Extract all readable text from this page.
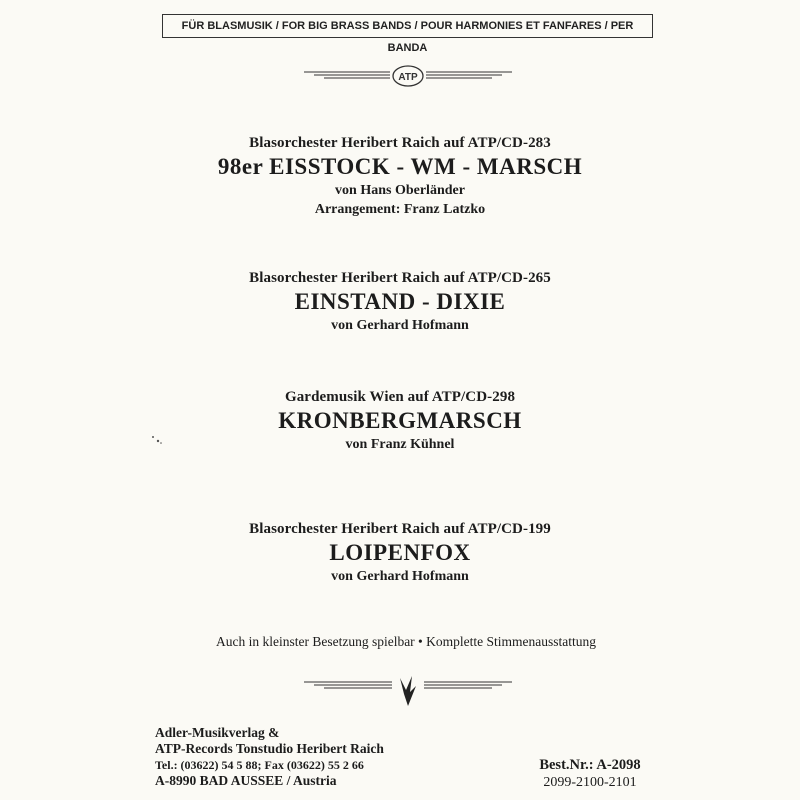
FÜR BLASMUSIK / FOR BIG BRASS BANDS / POUR HARMONIES ET FANFARES / PER BANDA
ATP
Blasorchester Heribert Raich auf ATP/CD-283
98er EISSTOCK - WM - MARSCH
von Hans Oberländer
Arrangement: Franz Latzko
Blasorchester Heribert Raich auf ATP/CD-265
EINSTAND - DIXIE
von Gerhard Hofmann
Gardemusik Wien auf ATP/CD-298
KRONBERGMARSCH
von Franz Kühnel
Blasorchester Heribert Raich auf ATP/CD-199
LOIPENFOX
von Gerhard Hofmann
Auch in kleinster Besetzung spielbar • Komplette Stimmenausstattung
Adler-Musikverlag &
ATP-Records Tonstudio Heribert Raich
Tel.: (03622) 54 5 88; Fax (03622) 55 2 66
A-8990 BAD AUSSEE / Austria
Best.Nr.: A-2098
2099-2100-2101
